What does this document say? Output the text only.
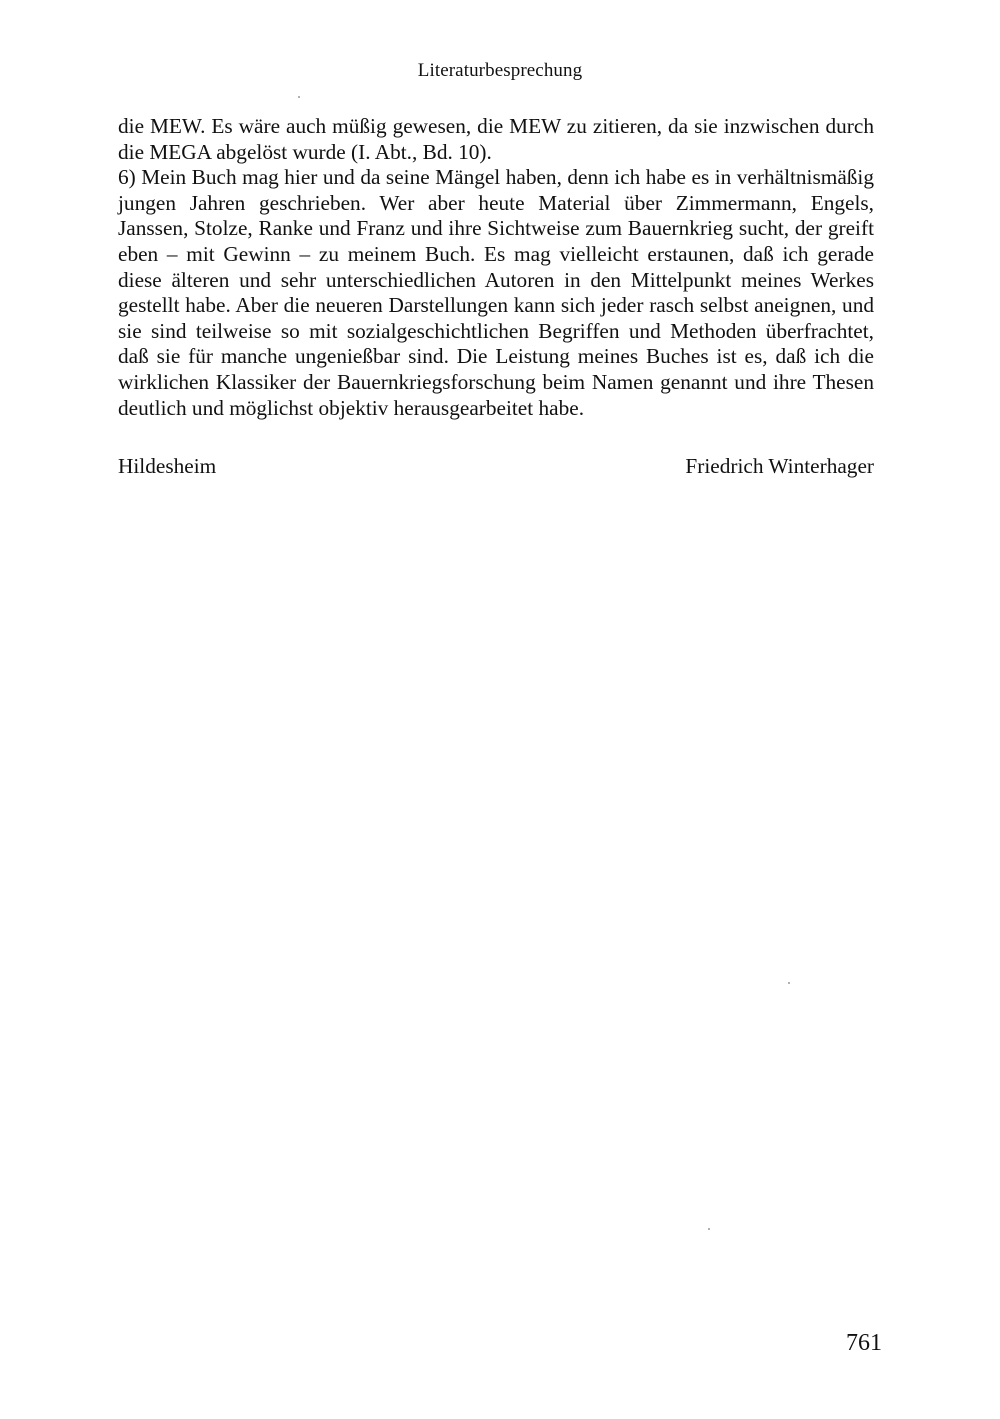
Literaturbesprechung

die MEW. Es wäre auch müßig gewesen, die MEW zu zitieren, da sie inzwischen durch die MEGA abgelöst wurde (I. Abt., Bd. 10).

6) Mein Buch mag hier und da seine Mängel haben, denn ich habe es in verhältnismäßig jungen Jahren geschrieben. Wer aber heute Material über Zimmermann, Engels, Janssen, Stolze, Ranke und Franz und ihre Sichtweise zum Bauernkrieg sucht, der greift eben – mit Gewinn – zu meinem Buch. Es mag vielleicht erstaunen, daß ich gerade diese älteren und sehr unterschiedlichen Autoren in den Mittelpunkt meines Werkes gestellt habe. Aber die neueren Darstellungen kann sich jeder rasch selbst aneignen, und sie sind teilweise so mit sozialgeschichtlichen Begriffen und Methoden überfrachtet, daß sie für manche ungenießbar sind. Die Leistung meines Buches ist es, daß ich die wirklichen Klassiker der Bauernkriegsforschung beim Namen genannt und ihre Thesen deutlich und möglichst objektiv herausgearbeitet habe.

Hildesheim	Friedrich Winterhager
761
